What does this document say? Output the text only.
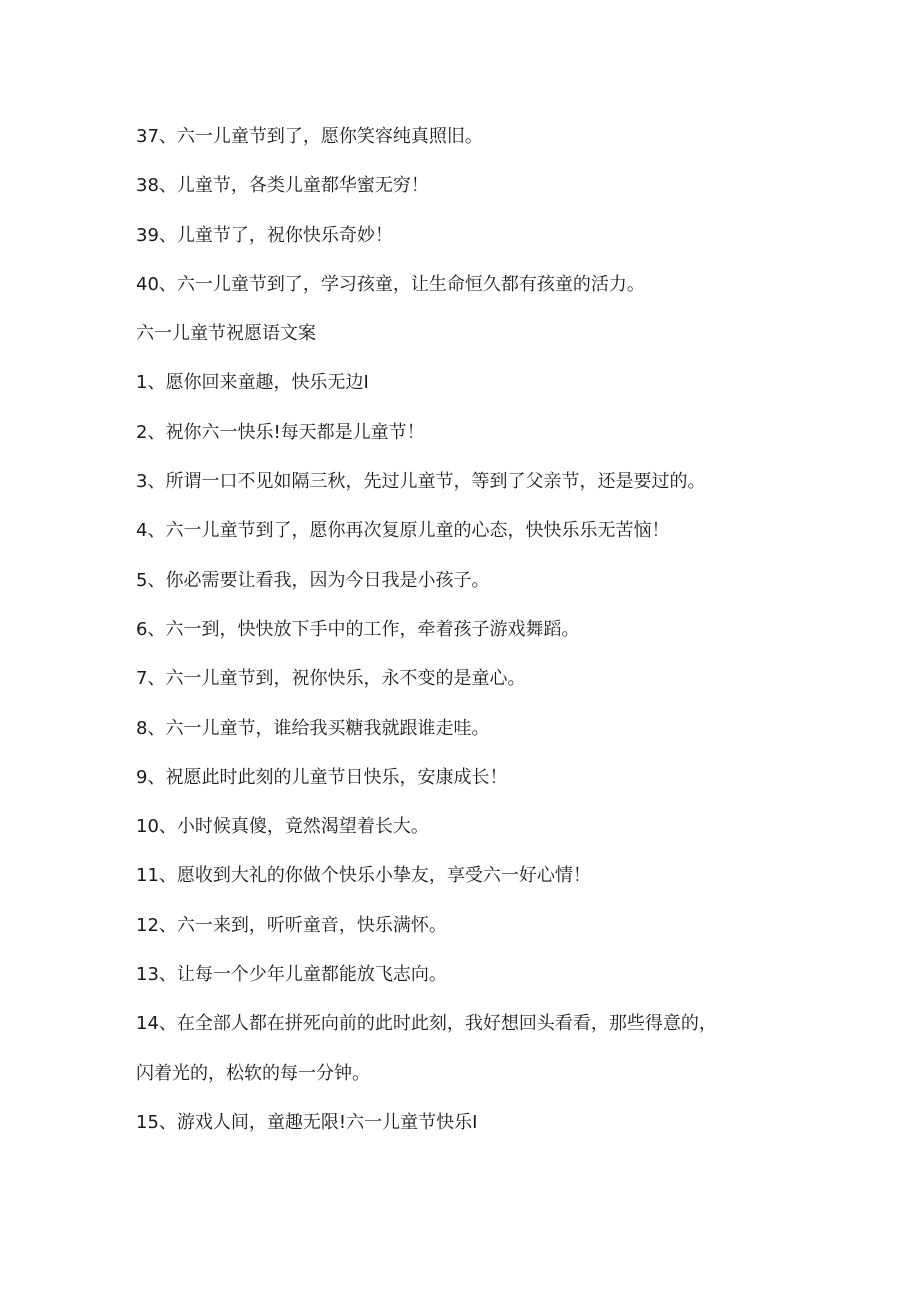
37、六一儿童节到了，愿你笑容纯真照旧。
38、儿童节，各类儿童都华蜜无穷！
39、儿童节了，祝你快乐奇妙！
40、六一儿童节到了，学习孩童，让生命恒久都有孩童的活力。
六一儿童节祝愿语文案
1、愿你回来童趣，快乐无边I
2、祝你六一快乐!每天都是儿童节！
3、所谓一口不见如隔三秋，先过儿童节，等到了父亲节，还是要过的。
4、六一儿童节到了，愿你再次复原儿童的心态，快快乐乐无苦恼！
5、你必需要让看我，因为今日我是小孩子。
6、六一到，快快放下手中的工作，牵着孩子游戏舞蹈。
7、六一儿童节到，祝你快乐，永不变的是童心。
8、六一儿童节，谁给我买糖我就跟谁走哇。
9、祝愿此时此刻的儿童节日快乐，安康成长！
10、小时候真傻，竟然渴望着长大。
11、愿收到大礼的你做个快乐小挚友，享受六一好心情！
12、六一来到，听听童音，快乐满怀。
13、让每一个少年儿童都能放飞志向。
14、在全部人都在拼死向前的此时此刻，我好想回头看看，那些得意的，
闪着光的，松软的每一分钟。
15、游戏人间，童趣无限!六一儿童节快乐I
